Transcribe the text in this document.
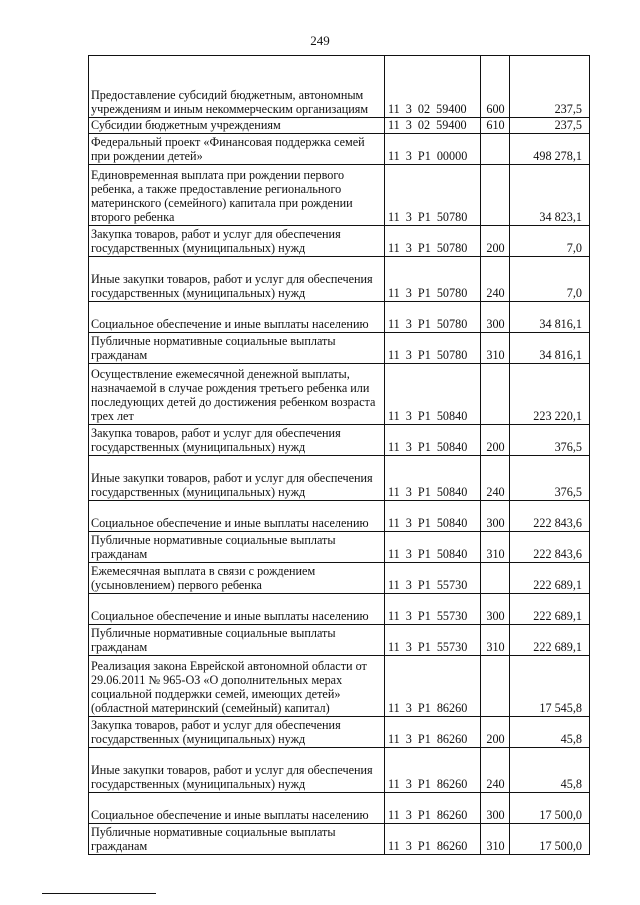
249
Предоставление субсидий бюджетным, автономным учреждениям и иным некоммерческим организациям	11 3 02 59400	600	237,5
Субсидии бюджетным учреждениям	11 3 02 59400	610	237,5
Федеральный проект «Финансовая поддержка семей при рождении детей»	11 3 P1 00000		498 278,1
Единовременная выплата при рождении первого ребенка, а также предоставление регионального материнского (семейного) капитала при рождении второго ребенка	11 3 P1 50780		34 823,1
Закупка товаров, работ и услуг для обеспечения государственных (муниципальных) нужд	11 3 P1 50780	200	7,0
Иные закупки товаров, работ и услуг для обеспечения государственных (муниципальных) нужд	11 3 P1 50780	240	7,0
Социальное обеспечение и иные выплаты населению	11 3 P1 50780	300	34 816,1
Публичные нормативные социальные выплаты гражданам	11 3 P1 50780	310	34 816,1
Осуществление ежемесячной денежной выплаты, назначаемой в случае рождения третьего ребенка или последующих детей до достижения ребенком возраста трех лет	11 3 P1 50840		223 220,1
Закупка товаров, работ и услуг для обеспечения государственных (муниципальных) нужд	11 3 P1 50840	200	376,5
Иные закупки товаров, работ и услуг для обеспечения государственных (муниципальных) нужд	11 3 P1 50840	240	376,5
Социальное обеспечение и иные выплаты населению	11 3 P1 50840	300	222 843,6
Публичные нормативные социальные выплаты гражданам	11 3 P1 50840	310	222 843,6
Ежемесячная выплата в связи с рождением (усыновлением) первого ребенка	11 3 P1 55730		222 689,1
Социальное обеспечение и иные выплаты населению	11 3 P1 55730	300	222 689,1
Публичные нормативные социальные выплаты гражданам	11 3 P1 55730	310	222 689,1
Реализация закона Еврейской автономной области от 29.06.2011 № 965-ОЗ «О дополнительных мерах социальной поддержки семей, имеющих детей» (областной материнский (семейный) капитал)	11 3 P1 86260		17 545,8
Закупка товаров, работ и услуг для обеспечения государственных (муниципальных) нужд	11 3 P1 86260	200	45,8
Иные закупки товаров, работ и услуг для обеспечения государственных (муниципальных) нужд	11 3 P1 86260	240	45,8
Социальное обеспечение и иные выплаты населению	11 3 P1 86260	300	17 500,0
Публичные нормативные социальные выплаты гражданам	11 3 P1 86260	310	17 500,0
